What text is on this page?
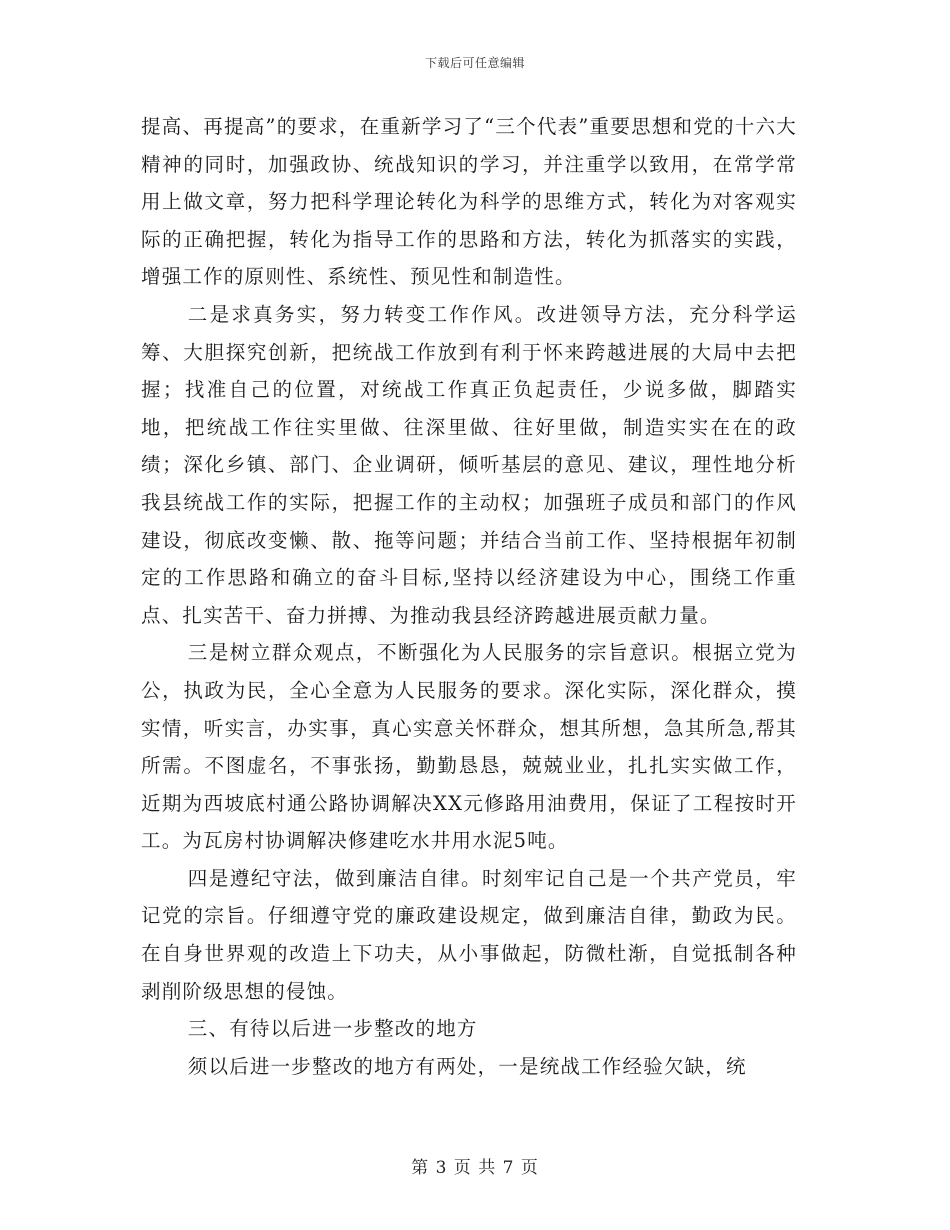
下载后可任意编辑

提高、再提高”的要求，在重新学习了“三个代表”重要思想和党的十六大精神的同时，加强政协、统战知识的学习，并注重学以致用，在常学常用上做文章，努力把科学理论转化为科学的思维方式，转化为对客观实际的正确把握，转化为指导工作的思路和方法，转化为抓落实的实践，增强工作的原则性、系统性、预见性和制造性。

二是求真务实，努力转变工作作风。改进领导方法，充分科学运筹、大胆探究创新，把统战工作放到有利于怀来跨越进展的大局中去把握；找准自己的位置，对统战工作真正负起责任，少说多做，脚踏实地，把统战工作往实里做、往深里做、往好里做，制造实实在在的政绩；深化乡镇、部门、企业调研，倾听基层的意见、建议，理性地分析我县统战工作的实际，把握工作的主动权；加强班子成员和部门的作风建设，彻底改变懒、散、拖等问题；并结合当前工作、坚持根据年初制定的工作思路和确立的奋斗目标,坚持以经济建设为中心，围绕工作重点、扎实苦干、奋力拼搏、为推动我县经济跨越进展贡献力量。

三是树立群众观点，不断强化为人民服务的宗旨意识。根据立党为公，执政为民，全心全意为人民服务的要求。深化实际，深化群众，摸实情，听实言，办实事，真心实意关怀群众，想其所想，急其所急,帮其所需。不图虚名，不事张扬，勤勤恳恳，兢兢业业，扎扎实实做工作，近期为西坡底村通公路协调解决XX元修路用油费用，保证了工程按时开工。为瓦房村协调解决修建吃水井用水泥5吨。

四是遵纪守法，做到廉洁自律。时刻牢记自己是一个共产党员，牢记党的宗旨。仔细遵守党的廉政建设规定，做到廉洁自律，勤政为民。在自身世界观的改造上下功夫，从小事做起，防微杜渐，自觉抵制各种剥削阶级思想的侵蚀。

三、有待以后进一步整改的地方

须以后进一步整改的地方有两处，一是统战工作经验欠缺，统

第 3 页 共 7 页
